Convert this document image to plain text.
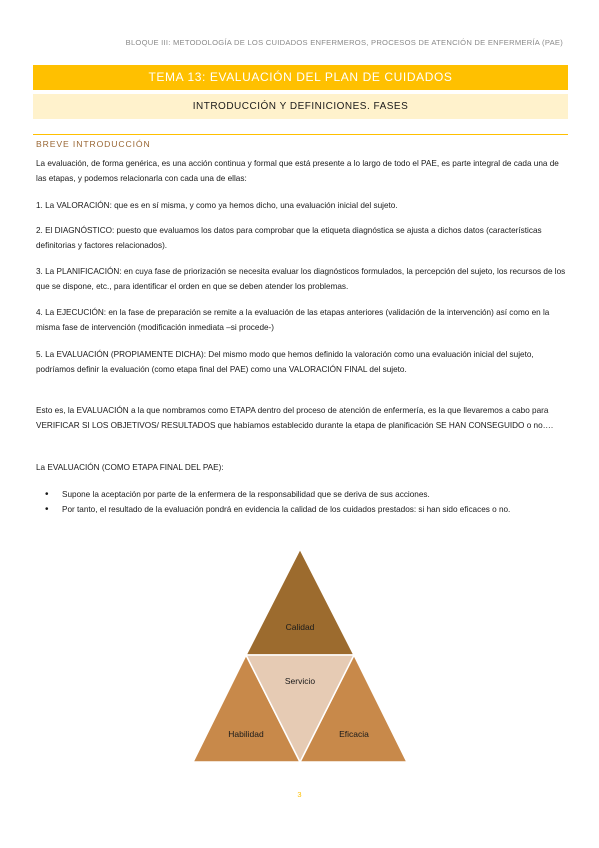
BLOQUE III: METODOLOGÍA DE LOS CUIDADOS ENFERMEROS, PROCESOS DE ATENCIÓN DE ENFERMERÍA (PAE)
TEMA 13: EVALUACIÓN DEL PLAN DE CUIDADOS
INTRODUCCIÓN Y DEFINICIONES. FASES
BREVE INTRODUCCIÓN

La evaluación, de forma genérica, es una acción continua y formal que está presente a lo largo de todo el PAE, es parte integral de cada una de las etapas, y podemos relacionarla con cada una de ellas:

1. La VALORACIÓN: que es en sí misma, y como ya hemos dicho, una evaluación inicial del sujeto.

2. El DIAGNÓSTICO: puesto que evaluamos los datos para comprobar que la etiqueta diagnóstica se ajusta a dichos datos (características definitorias y factores relacionados).

3. La PLANIFICACIÓN: en cuya fase de priorización se necesita evaluar los diagnósticos formulados, la percepción del sujeto, los recursos de los que se dispone, etc., para identificar el orden en que se deben atender los problemas.

4. La EJECUCIÓN: en la fase de preparación se remite a la evaluación de las etapas anteriores (validación de la intervención) así como en la misma fase de intervención (modificación inmediata –si procede-)

5. La EVALUACIÓN (PROPIAMENTE DICHA): Del mismo modo que hemos definido la valoración como una evaluación inicial del sujeto, podríamos definir la evaluación (como etapa final del PAE) como una VALORACIÓN FINAL del sujeto.

Esto es, la EVALUACIÓN a la que nombramos como ETAPA dentro del proceso de atención de enfermería, es la que llevaremos a cabo para VERIFICAR SI LOS OBJETIVOS/ RESULTADOS que habíamos establecido durante la etapa de planificación SE HAN CONSEGUIDO o no….

La EVALUACIÓN (COMO ETAPA FINAL DEL PAE):

• Supone la aceptación por parte de la enfermera de la responsabilidad que se deriva de sus acciones.
• Por tanto, el resultado de la evaluación pondrá en evidencia la calidad de los cuidados prestados: si han sido eficaces o no.
Calidad
Servicio
Habilidad	Eficacia
3
